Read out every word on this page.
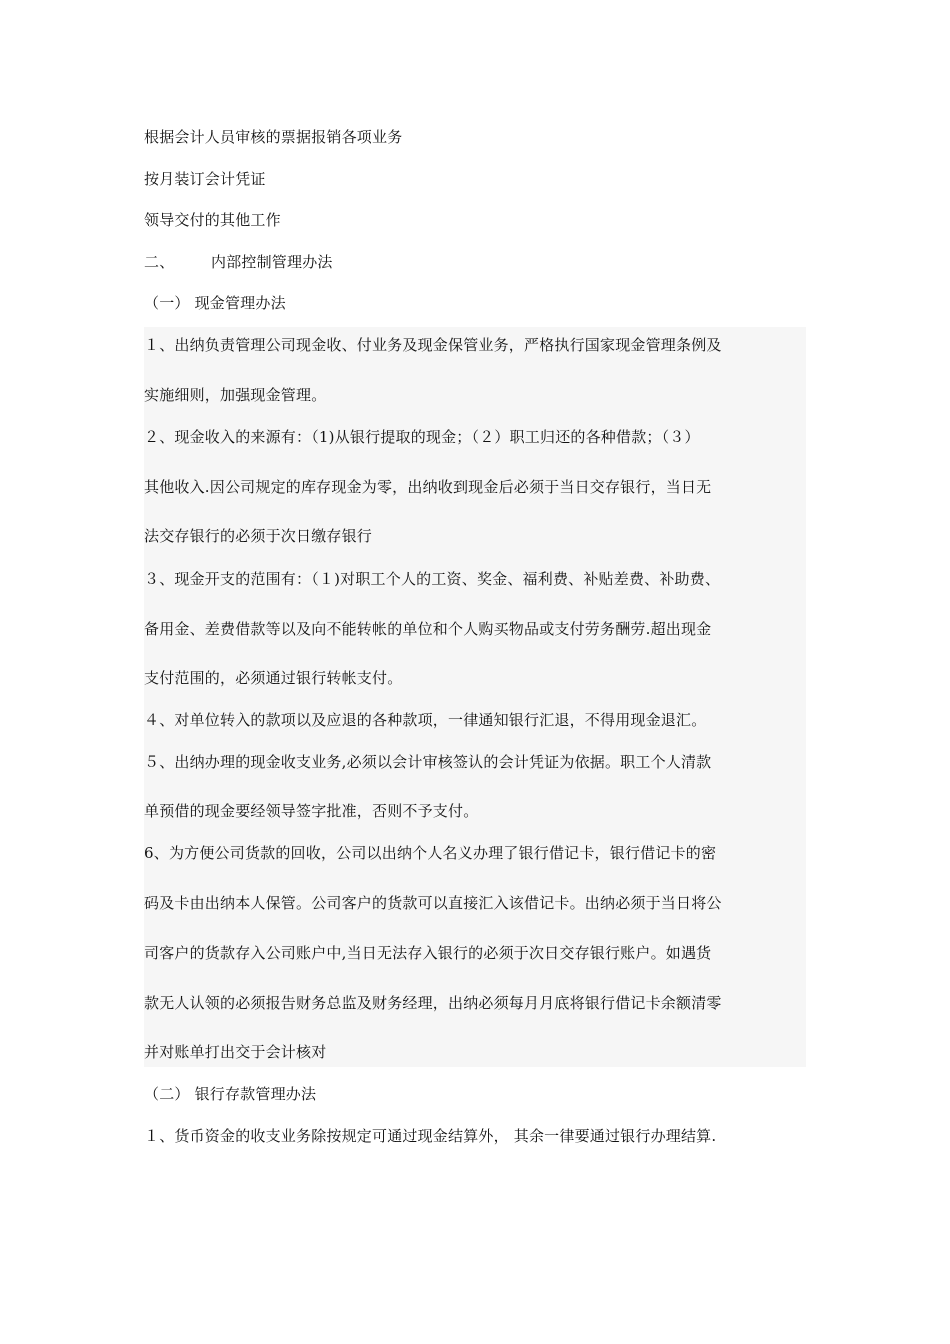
根据会计人员审核的票据报销各项业务
按月装订会计凭证
领导交付的其他工作
二、 内部控制管理办法
（一） 现金管理办法
１、出纳负责管理公司现金收、付业务及现金保管业务，严格执行国家现金管理条例及
实施细则，加强现金管理。
２、现金收入的来源有：（1)从银行提取的现金；（２）职工归还的各种借款；（３）
其他收入.因公司规定的库存现金为零，出纳收到现金后必须于当日交存银行，当日无
法交存银行的必须于次日缴存银行
３、现金开支的范围有：（１)对职工个人的工资、奖金、福利费、补贴差费、补助费、
备用金、差费借款等以及向不能转帐的单位和个人购买物品或支付劳务酬劳.超出现金
支付范围的，必须通过银行转帐支付。
４、对单位转入的款项以及应退的各种款项，一律通知银行汇退，不得用现金退汇。
５、出纳办理的现金收支业务,必须以会计审核签认的会计凭证为依据。职工个人清款
单预借的现金要经领导签字批准，否则不予支付。
6、为方便公司货款的回收，公司以出纳个人名义办理了银行借记卡，银行借记卡的密
码及卡由出纳本人保管。公司客户的货款可以直接汇入该借记卡。出纳必须于当日将公
司客户的货款存入公司账户中,当日无法存入银行的必须于次日交存银行账户。如遇货
款无人认领的必须报告财务总监及财务经理，出纳必须每月月底将银行借记卡余额清零
并对账单打出交于会计核对
（二） 银行存款管理办法
１、货币资金的收支业务除按规定可通过现金结算外， 其余一律要通过银行办理结算.
